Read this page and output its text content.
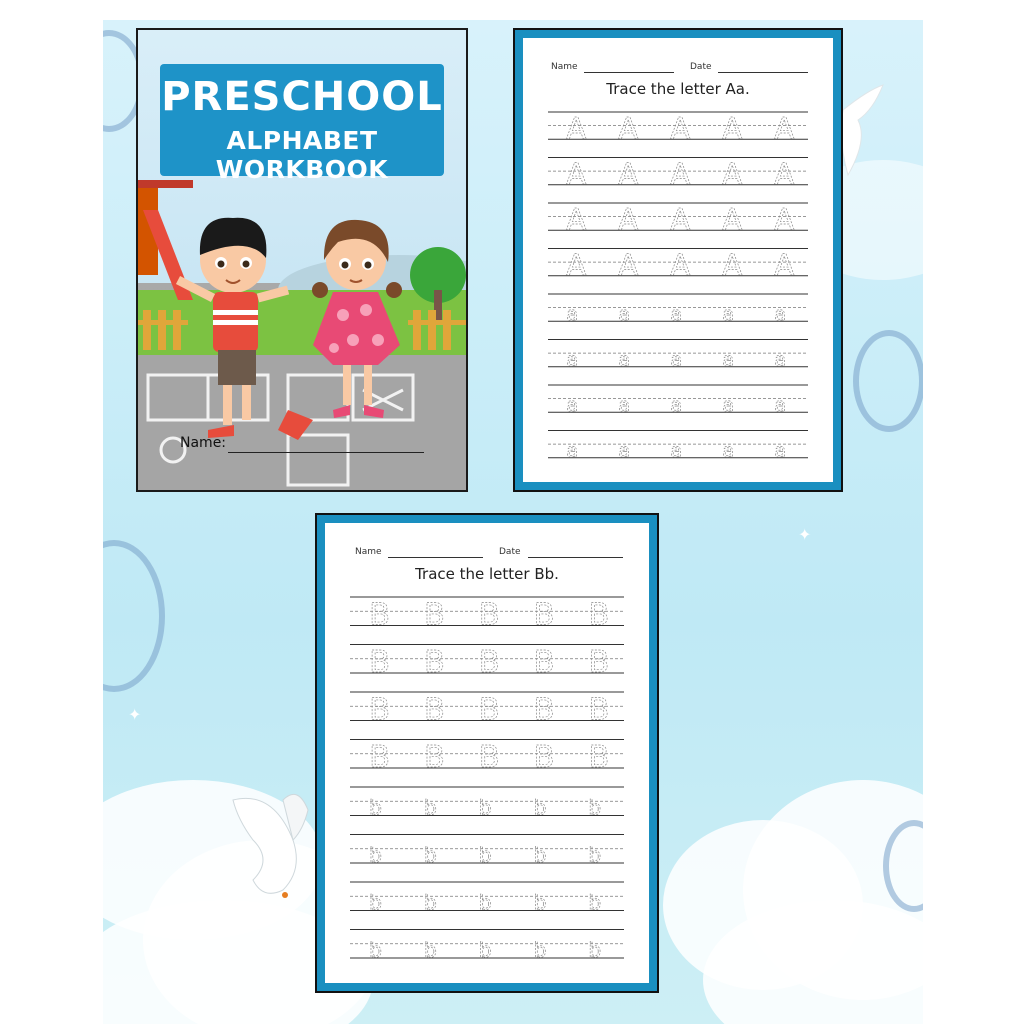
✦
✦
PRESCHOOL
ALPHABET WORKBOOK
Name:
Name	Date
Trace the letter Aa.
A A A A A
A A A A A
A A A A A
A A A A A
a a a a a
a a a a a
a a a a a
a a a a a
Name	Date
Trace the letter Bb.
B B B B B
B B B B B
B B B B B
B B B B B
b b b b b
b b b b b
b b b b b
b b b b b
